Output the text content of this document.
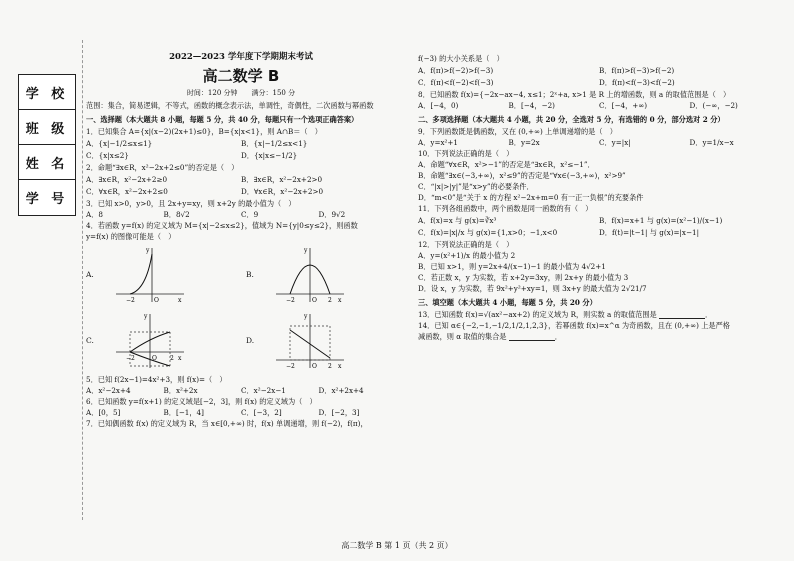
学 校
班 级
姓 名
学 号
2022—2023 学年度下学期期末考试
高二数学 B
时间：120 分钟　　满分：150 分
范围：集合，简易逻辑，不等式，函数的概念表示法，单调性，奇偶性，二次函数与幂函数
一、选择题（本大题共 8 小题，每题 5 分，共 40 分，每题只有一个选项正确答案）
1．已知集合 A={x|(x−2)(2x+1)≤0}，B={x|x<1}，则 A∩B＝（　）
A．{x|−1/2≤x≤1}	B．{x|−1/2≤x<1}
C．{x|x≤2}	D．{x|x≤−1/2}
2．命题“∃x∈R，x²−2x+2≤0”的否定是（　）
A．∃x∈R，x²−2x+2≥0	B．∃x∈R，x²−2x+2>0
C．∀x∈R，x²−2x+2≤0	D．∀x∈R，x²−2x+2>0
3．已知 x>0，y>0，且 2x+y=xy，则 x+2y 的最小值为（　）
A．8	B．8√2	C．9	D．9√2
4．若函数 y=f(x) 的定义域为 M={x|−2≤x≤2}，值域为 N={y|0≤y≤2}，则函数
y=f(x) 的图像可能是（　）
A.
−2	O	x
y
B.
−2	O 2 x
y
C.
−2	O 2 x
y
D.
−2	O 2 x
y
5．已知 f(2x−1)=4x²+3，则 f(x)=（　）
A．x²−2x+4	B．x²+2x	C．x²−2x−1	D．x²+2x+4
6．已知函数 y=f(x+1) 的定义域是[−2，3]，则 f(x) 的定义域为（　）
A．[0，5]	B．[−1，4]	C．[−3，2]	D．[−2，3]
7．已知偶函数 f(x) 的定义域为 R，当 x∈[0,+∞) 时，f(x) 单调递增，则 f(−2)，f(π)，
f(−3) 的大小关系是（　）
A．f(π)>f(−2)>f(−3)	B．f(π)>f(−3)>f(−2)
C．f(π)<f(−2)<f(−3)	D．f(π)<f(−3)<f(−2)
8．已知函数 f(x)={−2x−ax−4, x≤1；2ˣ+a, x>1 是 R 上的增函数，则 a 的取值范围是（　）
A．[−4，0)	B．[−4，−2)	C．[−4，+∞)	D．(−∞，−2)
二、多项选择题（本大题共 4 小题，共 20 分，全选对 5 分，有选错的 0 分，部分选对 2 分）
9．下列函数既是偶函数，又在 (0,+∞) 上单调递增的是（　）
A．y=x²+1	B．y=2x	C．y=|x|	D．y=1/x−x
10．下列说法正确的是（　）
A．命题“∀x∈R，x²>−1”的否定是“∃x∈R，x²≤−1”．
B．命题“∃x∈(−3,+∞)，x²≤9”的否定是“∀x∈(−3,+∞)，x²>9”
C．“|x|>|y|”是“x>y”的必要条件．
D．“m<0”是“关于 x 的方程 x²−2x+m=0 有一正一负根”的充要条件
11．下列各组函数中，两个函数是同一函数的有（　）
A．f(x)=x 与 g(x)=∛x³	B．f(x)=x+1 与 g(x)=(x²−1)/(x−1)
C．f(x)=|x|/x 与 g(x)={1,x>0；−1,x<0	D．f(t)=|t−1| 与 g(x)=|x−1|
12．下列说法正确的是（　）
A．y=(x²+1)/x 的最小值为 2
B．已知 x>1，则 y=2x+4/(x−1)−1 的最小值为 4√2+1
C．若正数 x，y 为实数，若 x+2y=3xy，则 2x+y 的最小值为 3
D．设 x，y 为实数，若 9x²+y²+xy=1，则 3x+y 的最大值为 2√21/7
三、填空题（本大题共 4 小题，每题 5 分，共 20 分）
13．已知函数 f(x)=√(ax²−ax+2) 的定义域为 R，则实数 a 的取值范围是	．
14．已知 α∈{−2,−1,−1/2,1/2,1,2,3}，若幂函数 f(x)=x^α 为奇函数，且在 (0,+∞) 上是严格
减函数，则 α 取值的集合是	．
高二数学 B 第 1 页（共 2 页）
